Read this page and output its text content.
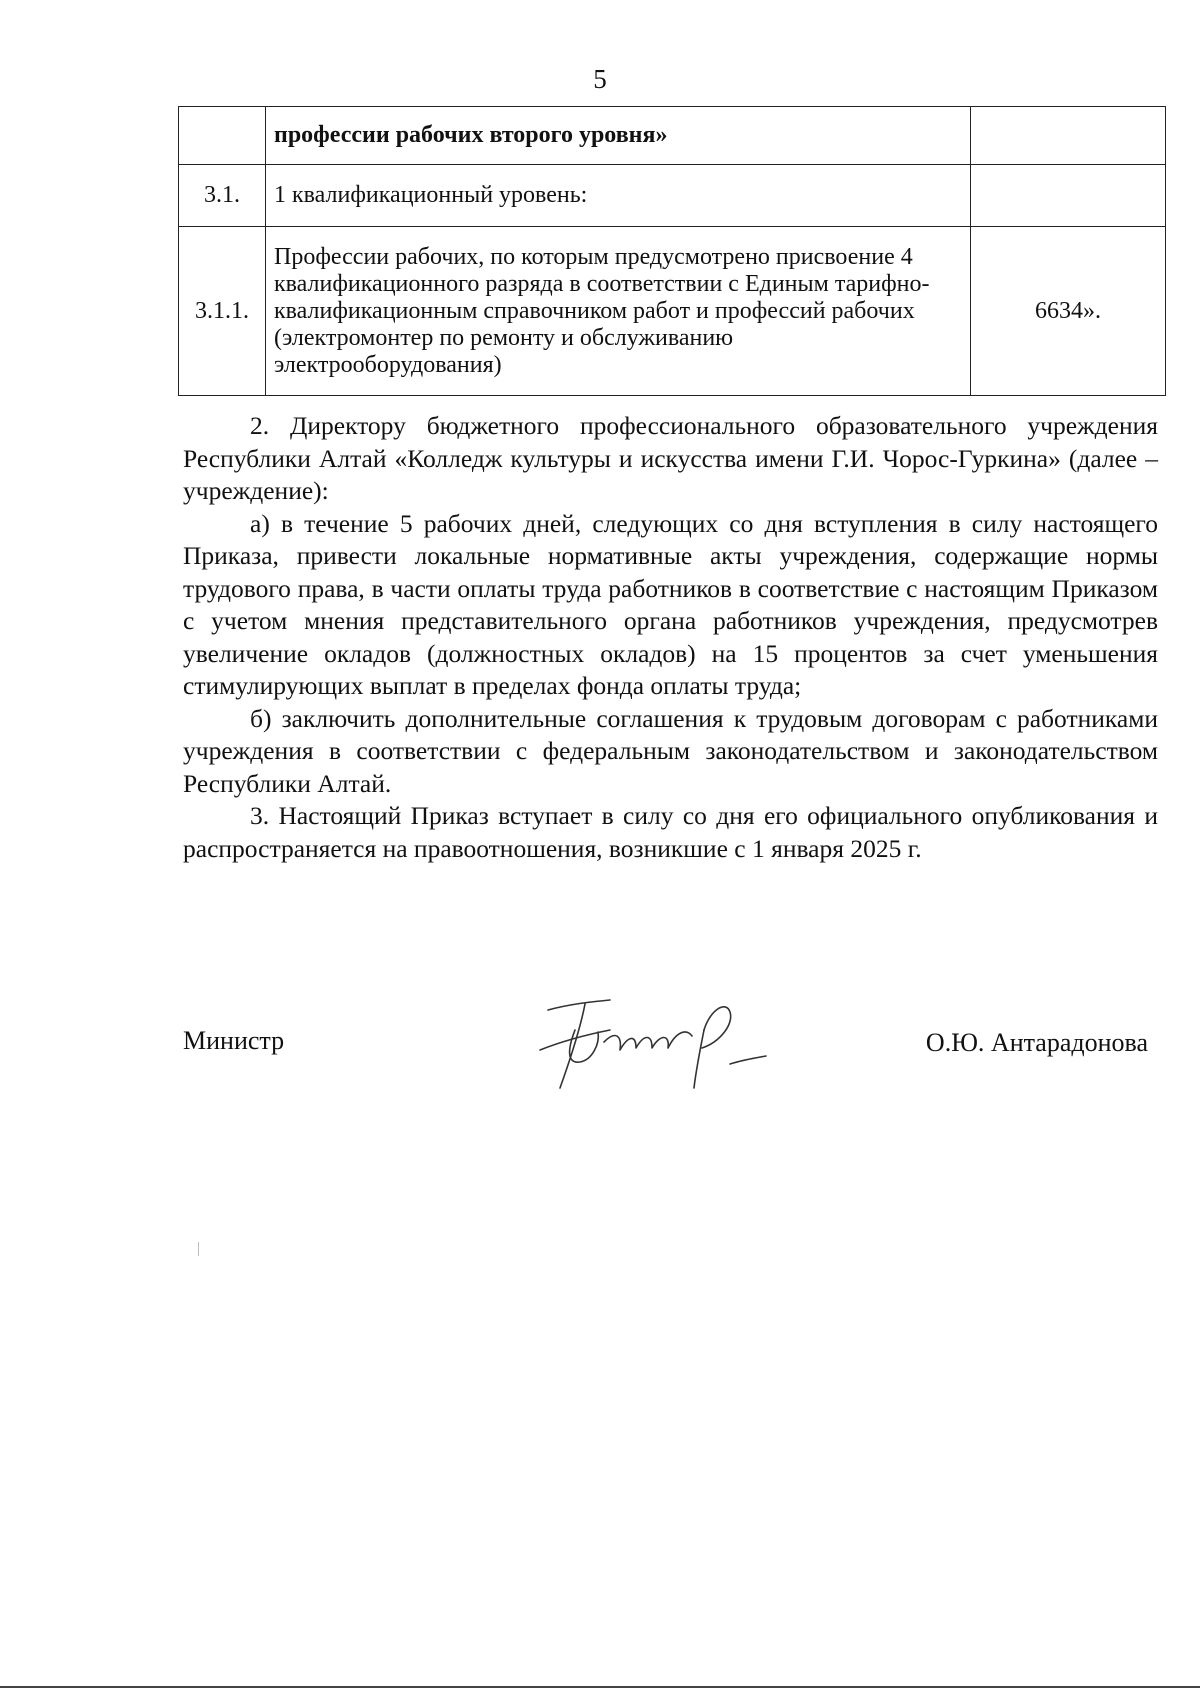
5
	профессии рабочих второго уровня»	
3.1.	1 квалификационный уровень:	
3.1.1.	Профессии рабочих, по которым предусмотрено присвоение 4 квалификационного разряда в соответствии с Единым тарифно-квалификационным справочником работ и профессий рабочих (электромонтер по ремонту и обслуживанию электрооборудования)	6634».

2. Директору бюджетного профессионального образовательного учреждения Республики Алтай «Колледж культуры и искусства имени Г.И. Чорос-Гуркина» (далее – учреждение):

а) в течение 5 рабочих дней, следующих со дня вступления в силу настоящего Приказа, привести локальные нормативные акты учреждения, содержащие нормы трудового права, в части оплаты труда работников в соответствие с настоящим Приказом с учетом мнения представительного органа работников учреждения, предусмотрев увеличение окладов (должностных окладов) на 15 процентов за счет уменьшения стимулирующих выплат в пределах фонда оплаты труда;

б) заключить дополнительные соглашения к трудовым договорам с работниками учреждения в соответствии с федеральным законодательством и законодательством Республики Алтай.

3. Настоящий Приказ вступает в силу со дня его официального опубликования и распространяется на правоотношения, возникшие с 1 января 2025 г.

Министр	О.Ю. Антарадонова
